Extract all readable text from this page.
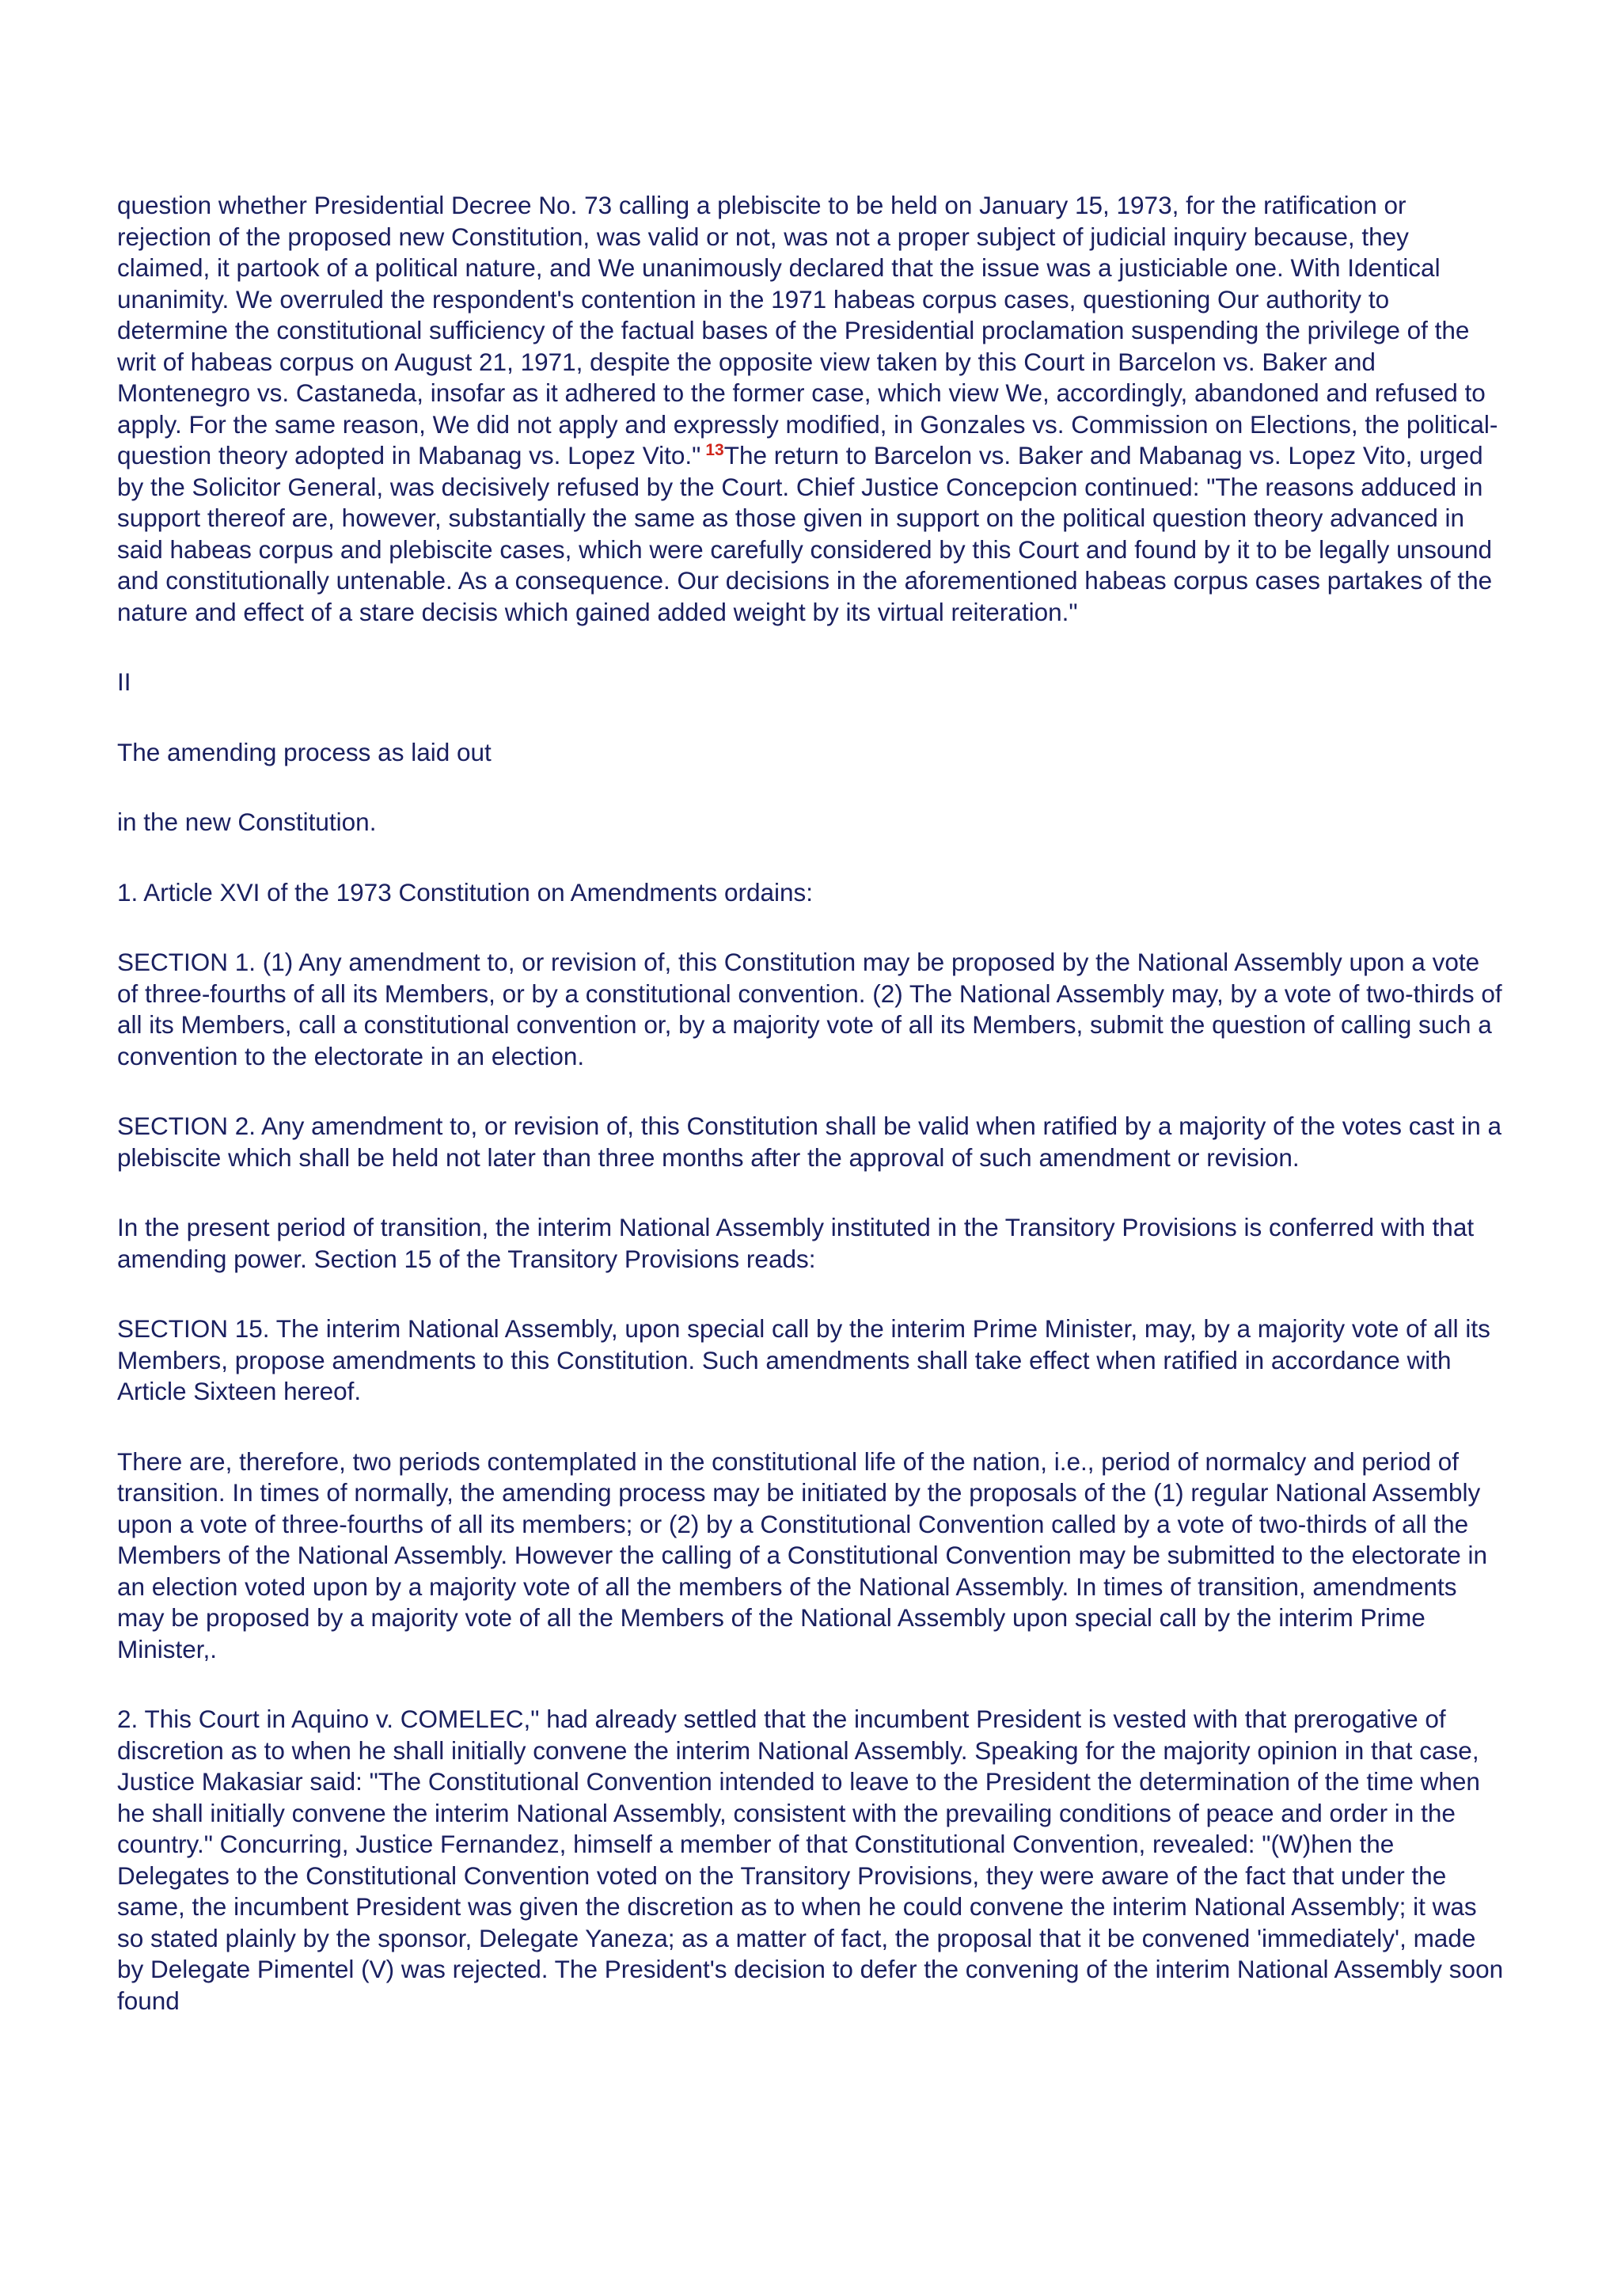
question whether Presidential Decree No. 73 calling a plebiscite to be held on January 15, 1973, for the ratification or rejection of the proposed new Constitution, was valid or not, was not a proper subject of judicial inquiry because, they claimed, it partook of a political nature, and We unanimously declared that the issue was a justiciable one. With Identical unanimity. We overruled the respondent's contention in the 1971 habeas corpus cases, questioning Our authority to determine the constitutional sufficiency of the factual bases of the Presidential proclamation suspending the privilege of the writ of habeas corpus on August 21, 1971, despite the opposite view taken by this Court in Barcelon vs. Baker and Montenegro vs. Castaneda, insofar as it adhered to the former case, which view We, accordingly, abandoned and refused to apply. For the same reason, We did not apply and expressly modified, in Gonzales vs. Commission on Elections, the political-question theory adopted in Mabanag vs. Lopez Vito." $^{13}$The return to Barcelon vs. Baker and Mabanag vs. Lopez Vito, urged by the Solicitor General, was decisively refused by the Court. Chief Justice Concepcion continued: "The reasons adduced in support thereof are, however, substantially the same as those given in support on the political question theory advanced in said habeas corpus and plebiscite cases, which were carefully considered by this Court and found by it to be legally unsound and constitutionally untenable. As a consequence. Our decisions in the aforementioned habeas corpus cases partakes of the nature and effect of a stare decisis which gained added weight by its virtual reiteration."

II

The amending process as laid out

in the new Constitution.

1. Article XVI of the 1973 Constitution on Amendments ordains:

SECTION 1. (1) Any amendment to, or revision of, this Constitution may be proposed by the National Assembly upon a vote of three-fourths of all its Members, or by a constitutional convention. (2) The National Assembly may, by a vote of two-thirds of all its Members, call a constitutional convention or, by a majority vote of all its Members, submit the question of calling such a convention to the electorate in an election.

SECTION 2. Any amendment to, or revision of, this Constitution shall be valid when ratified by a majority of the votes cast in a plebiscite which shall be held not later than three months after the approval of such amendment or revision.

In the present period of transition, the interim National Assembly instituted in the Transitory Provisions is conferred with that amending power. Section 15 of the Transitory Provisions reads:

SECTION 15. The interim National Assembly, upon special call by the interim Prime Minister, may, by a majority vote of all its Members, propose amendments to this Constitution. Such amendments shall take effect when ratified in accordance with Article Sixteen hereof.

There are, therefore, two periods contemplated in the constitutional life of the nation, i.e., period of normalcy and period of transition. In times of normally, the amending process may be initiated by the proposals of the (1) regular National Assembly upon a vote of three-fourths of all its members; or (2) by a Constitutional Convention called by a vote of two-thirds of all the Members of the National Assembly. However the calling of a Constitutional Convention may be submitted to the electorate in an election voted upon by a majority vote of all the members of the National Assembly. In times of transition, amendments may be proposed by a majority vote of all the Members of the National Assembly upon special call by the interim Prime Minister,.

2. This Court in Aquino v. COMELEC," had already settled that the incumbent President is vested with that prerogative of discretion as to when he shall initially convene the interim National Assembly. Speaking for the majority opinion in that case, Justice Makasiar said: "The Constitutional Convention intended to leave to the President the determination of the time when he shall initially convene the interim National Assembly, consistent with the prevailing conditions of peace and order in the country." Concurring, Justice Fernandez, himself a member of that Constitutional Convention, revealed: "(W)hen the Delegates to the Constitutional Convention voted on the Transitory Provisions, they were aware of the fact that under the same, the incumbent President was given the discretion as to when he could convene the interim National Assembly; it was so stated plainly by the sponsor, Delegate Yaneza; as a matter of fact, the proposal that it be convened 'immediately', made by Delegate Pimentel (V) was rejected. The President's decision to defer the convening of the interim National Assembly soon found
